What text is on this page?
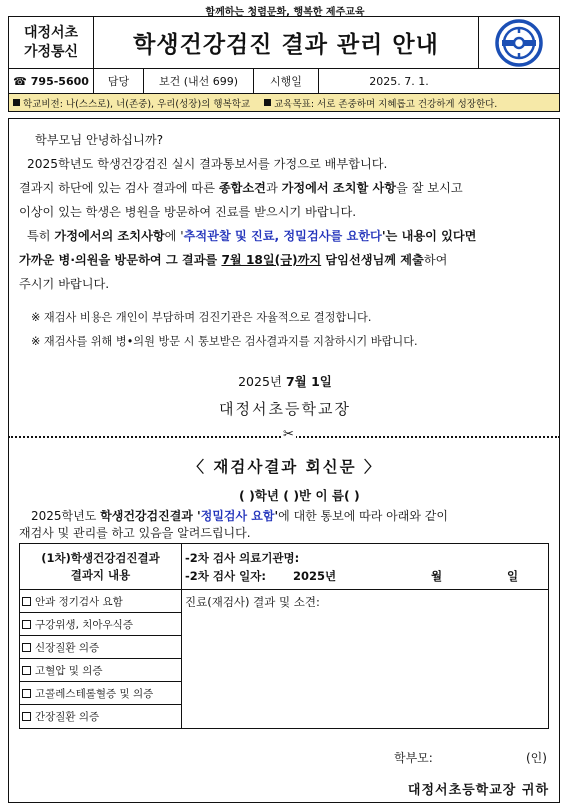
함께하는 청렴문화, 행복한 제주교육
대정서초
가정통신	학생건강검진 결과 관리 안내
☎ 795-5600	담당	보건 (내선 699)	시행일	2025. 7. 1.
학교비전: 나(스스로), 너(존중), 우리(성장)의 행복학교	교육목표: 서로 존중하며 지혜롭고 건강하게 성장한다.

학부모님 안녕하십니까?

2025학년도 학생건강검진 실시 결과통보서를 가정으로 배부합니다.

결과지 하단에 있는 검사 결과에 따른 종합소견과 가정에서 조치할 사항을 잘 보시고

이상이 있는 학생은 병원을 방문하여 진료를 받으시기 바랍니다.

특히 가정에서의 조치사항에 '추적관찰 및 진료, 정밀검사를 요한다'는 내용이 있다면

가까운 병·의원을 방문하여 그 결과를 7월 18일(금)까지 담임선생님께 제출하여

주시기 바랍니다.

※ 재검사 비용은 개인이 부담하며 검진기관은 자율적으로 결정합니다.

※ 재검사를 위해 병•의원 방문 시 통보받은 검사결과지를 지참하시기 바랍니다.

2025년 7월 1일

대정서초등학교장

✂
〈 재검사결과 회신문 〉
( )학년 ( )반 이 름( )

2025학년도 학생건강검진결과 '정밀검사 요함'에 대한 통보에 따라 아래와 같이

재검사 및 관리를 하고 있음을 알려드립니다.

(1차)학생건강검진결과
결과지 내용
안과 정기검사 요함
구강위생, 치아우식증
신장질환 의증
고혈압 및 의증
고콜레스테롤혈증 및 의증
간장질환 의증
-2차 검사 의료기관명:
-2차 검사 일자: 2025년	월	일
진료(재검사) 결과 및 소견:
학부모:	(인)
대정서초등학교장 귀하
